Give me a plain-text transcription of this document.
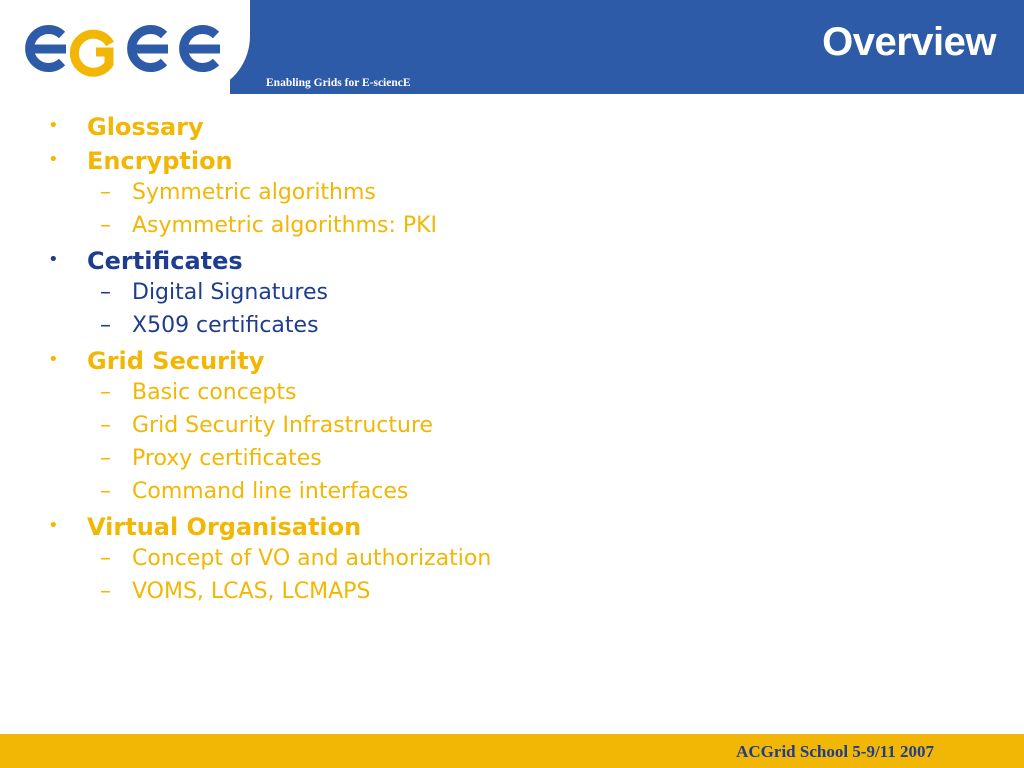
Overview
Enabling Grids for E-sciencE
• Glossary
• Encryption
– Symmetric algorithms
– Asymmetric algorithms: PKI
• Certificates
– Digital Signatures
– X509 certificates
• Grid Security
– Basic concepts
– Grid Security Infrastructure
– Proxy certificates
– Command line interfaces
• Virtual Organisation
– Concept of VO and authorization
– VOMS, LCAS, LCMAPS
ACGrid School 5-9/11 2007
